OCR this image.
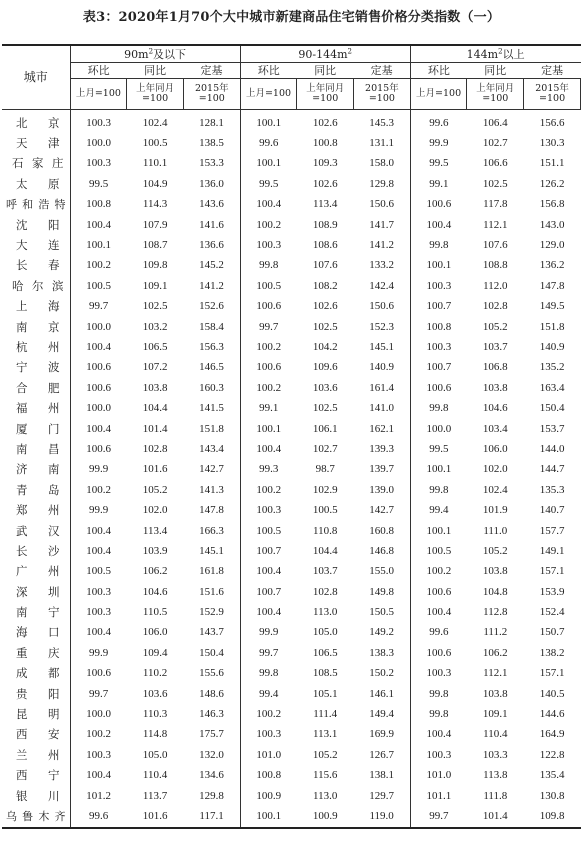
表3：2020年1月70个大中城市新建商品住宅销售价格分类指数（一）
城市	$90m^2$及以下			$90-144m^2$			$144m^2$以上		
	环比	同比	定基	环比	同比	定基	环比	同比	定基
	上月=100	上年同月=100	2015年=100	上月=100	上年同月=100	2015年=100	上月=100	上年同月=100	2015年=100
北　京	100.3	102.4	128.1	100.1	102.6	145.3	99.6	106.4	156.6
天　津	100.0	100.5	138.5	99.6	100.8	131.1	99.9	102.7	130.3
石家庄	100.3	110.1	153.3	100.1	109.3	158.0	99.5	106.6	151.1
太　原	99.5	104.9	136.0	99.5	102.6	129.8	99.1	102.5	126.2
呼和浩特	100.8	114.3	143.6	100.4	113.4	150.6	100.6	117.8	156.8
沈　阳	100.4	107.9	141.6	100.2	108.9	141.7	100.4	112.1	143.0
大　连	100.1	108.7	136.6	100.3	108.6	141.2	99.8	107.6	129.0
长　春	100.2	109.8	145.2	99.8	107.6	133.2	100.1	108.8	136.2
哈尔滨	100.5	109.1	141.2	100.5	108.2	142.4	100.3	112.0	147.8
上　海	99.7	102.5	152.6	100.6	102.6	150.6	100.7	102.8	149.5
南　京	100.0	103.2	158.4	99.7	102.5	152.3	100.8	105.2	151.8
杭　州	100.4	106.5	156.3	100.2	104.2	145.1	100.3	103.7	140.9
宁　波	100.6	107.2	146.5	100.6	109.6	140.9	100.7	106.8	135.2
合　肥	100.6	103.8	160.3	100.2	103.6	161.4	100.6	103.8	163.4
福　州	100.0	104.4	141.5	99.1	102.5	141.0	99.8	104.6	150.4
厦　门	100.4	101.4	151.8	100.1	106.1	162.1	100.0	103.4	153.7
南　昌	100.6	102.8	143.4	100.4	102.7	139.3	99.5	106.0	144.0
济　南	99.9	101.6	142.7	99.3	98.7	139.7	100.1	102.0	144.7
青　岛	100.2	105.2	141.3	100.2	102.9	139.0	99.8	102.4	135.3
郑　州	99.9	102.0	147.8	100.3	100.5	142.7	99.4	101.9	140.7
武　汉	100.4	113.4	166.3	100.5	110.8	160.8	100.1	111.0	157.7
长　沙	100.4	103.9	145.1	100.7	104.4	146.8	100.5	105.2	149.1
广　州	100.5	106.2	161.8	100.4	103.7	155.0	100.2	103.8	157.1
深　圳	100.3	104.6	151.6	100.7	102.8	149.8	100.6	104.8	153.9
南　宁	100.3	110.5	152.9	100.4	113.0	150.5	100.4	112.8	152.4
海　口	100.4	106.0	143.7	99.9	105.0	149.2	99.6	111.2	150.7
重　庆	99.9	109.4	150.4	99.7	106.5	138.3	100.6	106.2	138.2
成　都	100.6	110.2	155.6	99.8	108.5	150.2	100.3	112.1	157.1
贵　阳	99.7	103.6	148.6	99.4	105.1	146.1	99.8	103.8	140.5
昆　明	100.0	110.3	146.3	100.2	111.4	149.4	99.8	109.1	144.6
西　安	100.2	114.8	175.7	100.3	113.1	169.9	100.4	110.4	164.9
兰　州	100.3	105.0	132.0	101.0	105.2	126.7	100.3	103.3	122.8
西　宁	100.4	110.4	134.6	100.8	115.6	138.1	101.0	113.8	135.4
银　川	101.2	113.7	129.8	100.9	113.0	129.7	101.1	111.8	130.8
乌鲁木齐	99.6	101.6	117.1	100.1	100.9	119.0	99.7	101.4	109.8
